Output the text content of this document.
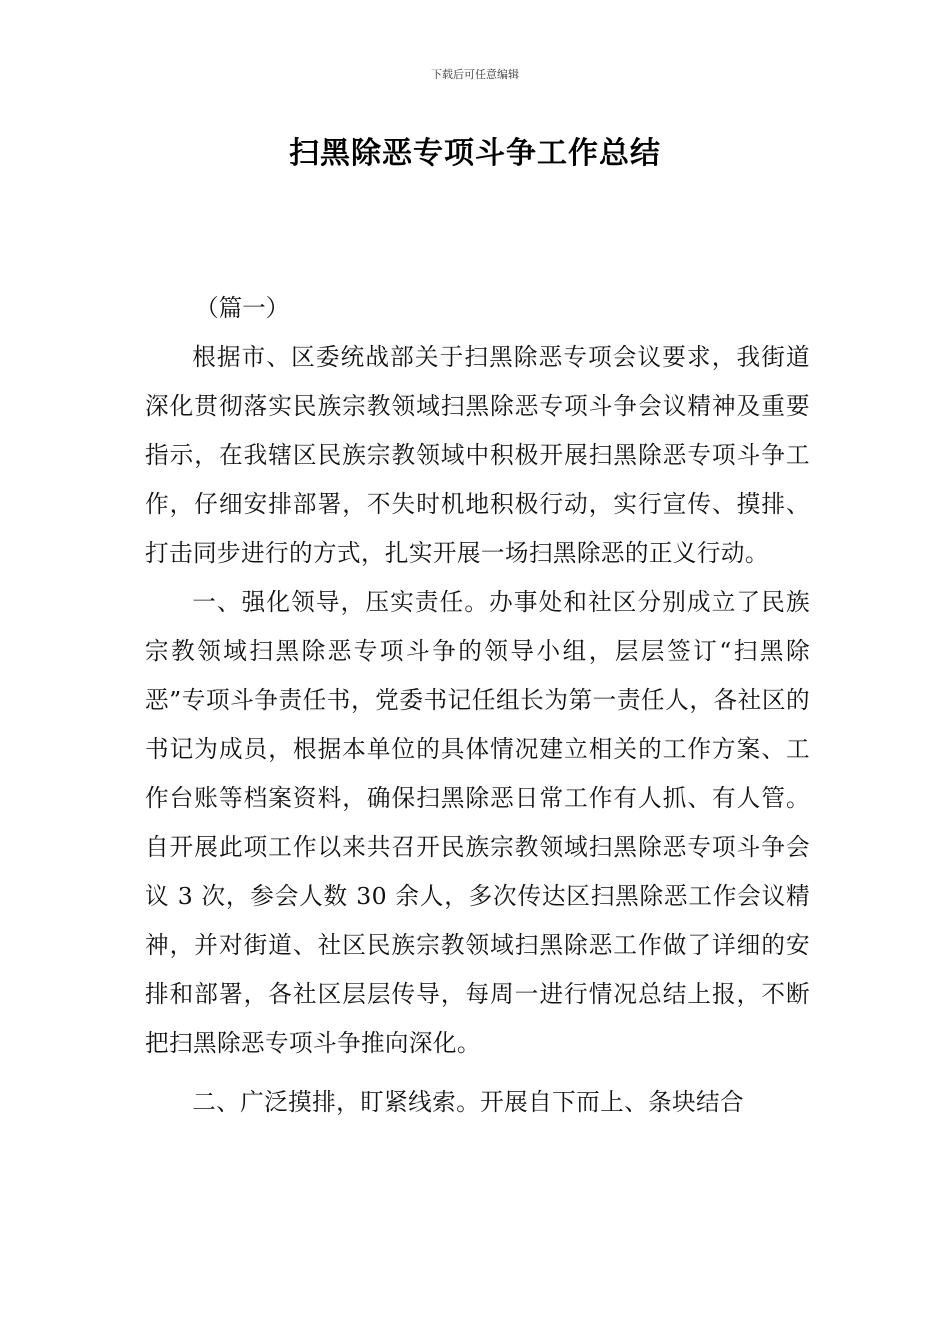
下载后可任意编辑
扫黑除恶专项斗争工作总结

（篇一）

根据市、区委统战部关于扫黑除恶专项会议要求，我街道深化贯彻落实民族宗教领域扫黑除恶专项斗争会议精神及重要指示，在我辖区民族宗教领域中积极开展扫黑除恶专项斗争工作，仔细安排部署，不失时机地积极行动，实行宣传、摸排、打击同步进行的方式，扎实开展一场扫黑除恶的正义行动。

一、强化领导，压实责任。办事处和社区分别成立了民族宗教领域扫黑除恶专项斗争的领导小组，层层签订“扫黑除恶”专项斗争责任书，党委书记任组长为第一责任人，各社区的书记为成员，根据本单位的具体情况建立相关的工作方案、工作台账等档案资料，确保扫黑除恶日常工作有人抓、有人管。自开展此项工作以来共召开民族宗教领域扫黑除恶专项斗争会议 3 次，参会人数 30 余人，多次传达区扫黑除恶工作会议精神，并对街道、社区民族宗教领域扫黑除恶工作做了详细的安排和部署，各社区层层传导，每周一进行情况总结上报，不断把扫黑除恶专项斗争推向深化。

二、广泛摸排，盯紧线索。开展自下而上、条块结合
